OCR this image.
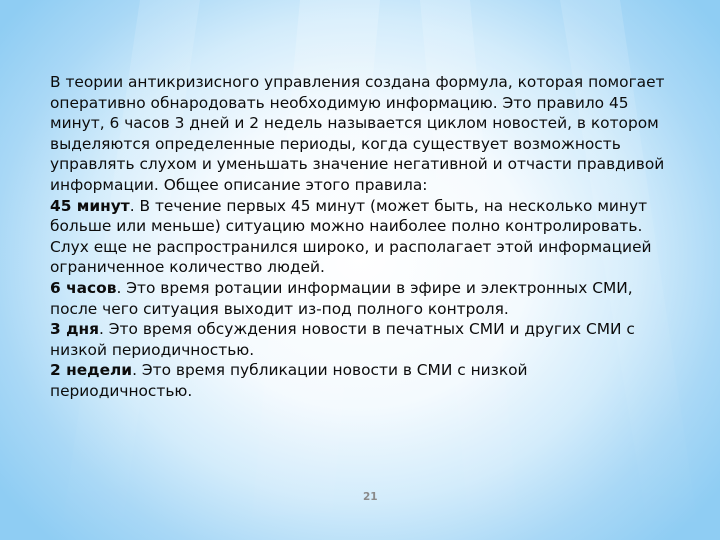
В теории антикризисного управления создана формула, которая помогает оперативно обнародовать необходимую информацию. Это правило 45 минут, 6 часов 3 дней и 2 недель называется циклом новостей, в котором выделяются определенные периоды, когда существует возможность управлять слухом и уменьшать значение негативной и отчасти правдивой информации. Общее описание этого правила:

45 минут. В течение первых 45 минут (может быть, на несколько минут больше или меньше) ситуацию можно наиболее полно контролировать. Слух еще не распространился широко, и располагает этой информацией ограниченное количество людей.

6 часов. Это время ротации информации в эфире и электронных СМИ, после чего ситуация выходит из-под полного контроля.

3 дня. Это время обсуждения новости в печатных СМИ и других СМИ с низкой периодичностью.

2 недели. Это время публикации новости в СМИ с низкой периодичностью.

21
